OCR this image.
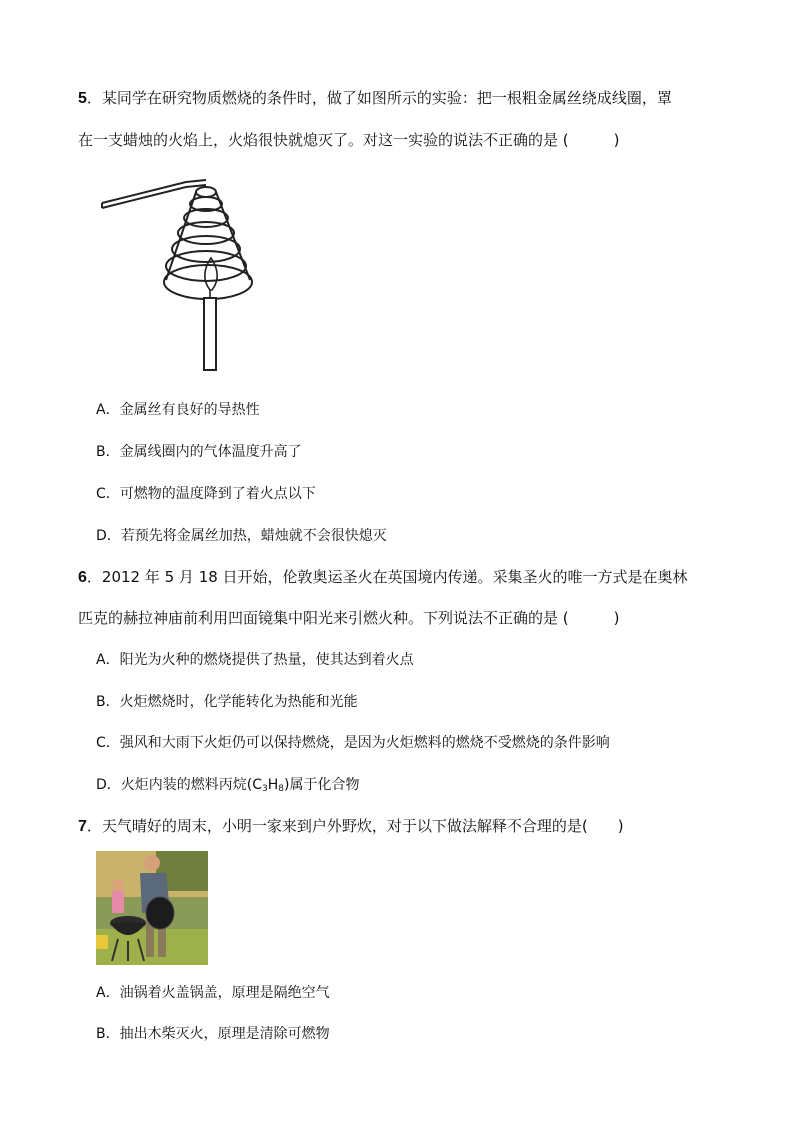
5．某同学在研究物质燃烧的条件时，做了如图所示的实验：把一根粗金属丝绕成线圈，罩
在一支蜡烛的火焰上，火焰很快就熄灭了。对这一实验的说法不正确的是 (　　　)
A．金属丝有良好的导热性
B．金属线圈内的气体温度升高了
C．可燃物的温度降到了着火点以下
D．若预先将金属丝加热，蜡烛就不会很快熄灭
6．2012 年 5 月 18 日开始，伦敦奥运圣火在英国境内传递。采集圣火的唯一方式是在奥林
匹克的赫拉神庙前利用凹面镜集中阳光来引燃火种。下列说法不正确的是 (　　　)
A．阳光为火种的燃烧提供了热量，使其达到着火点
B．火炬燃烧时，化学能转化为热能和光能
C．强风和大雨下火炬仍可以保持燃烧，是因为火炬燃料的燃烧不受燃烧的条件影响
D．火炬内装的燃料丙烷$(C_3H_8)$属于化合物
7．天气晴好的周末，小明一家来到户外野炊，对于以下做法解释不合理的是(　　)
A．油锅着火盖锅盖，原理是隔绝空气
B．抽出木柴灭火，原理是清除可燃物
